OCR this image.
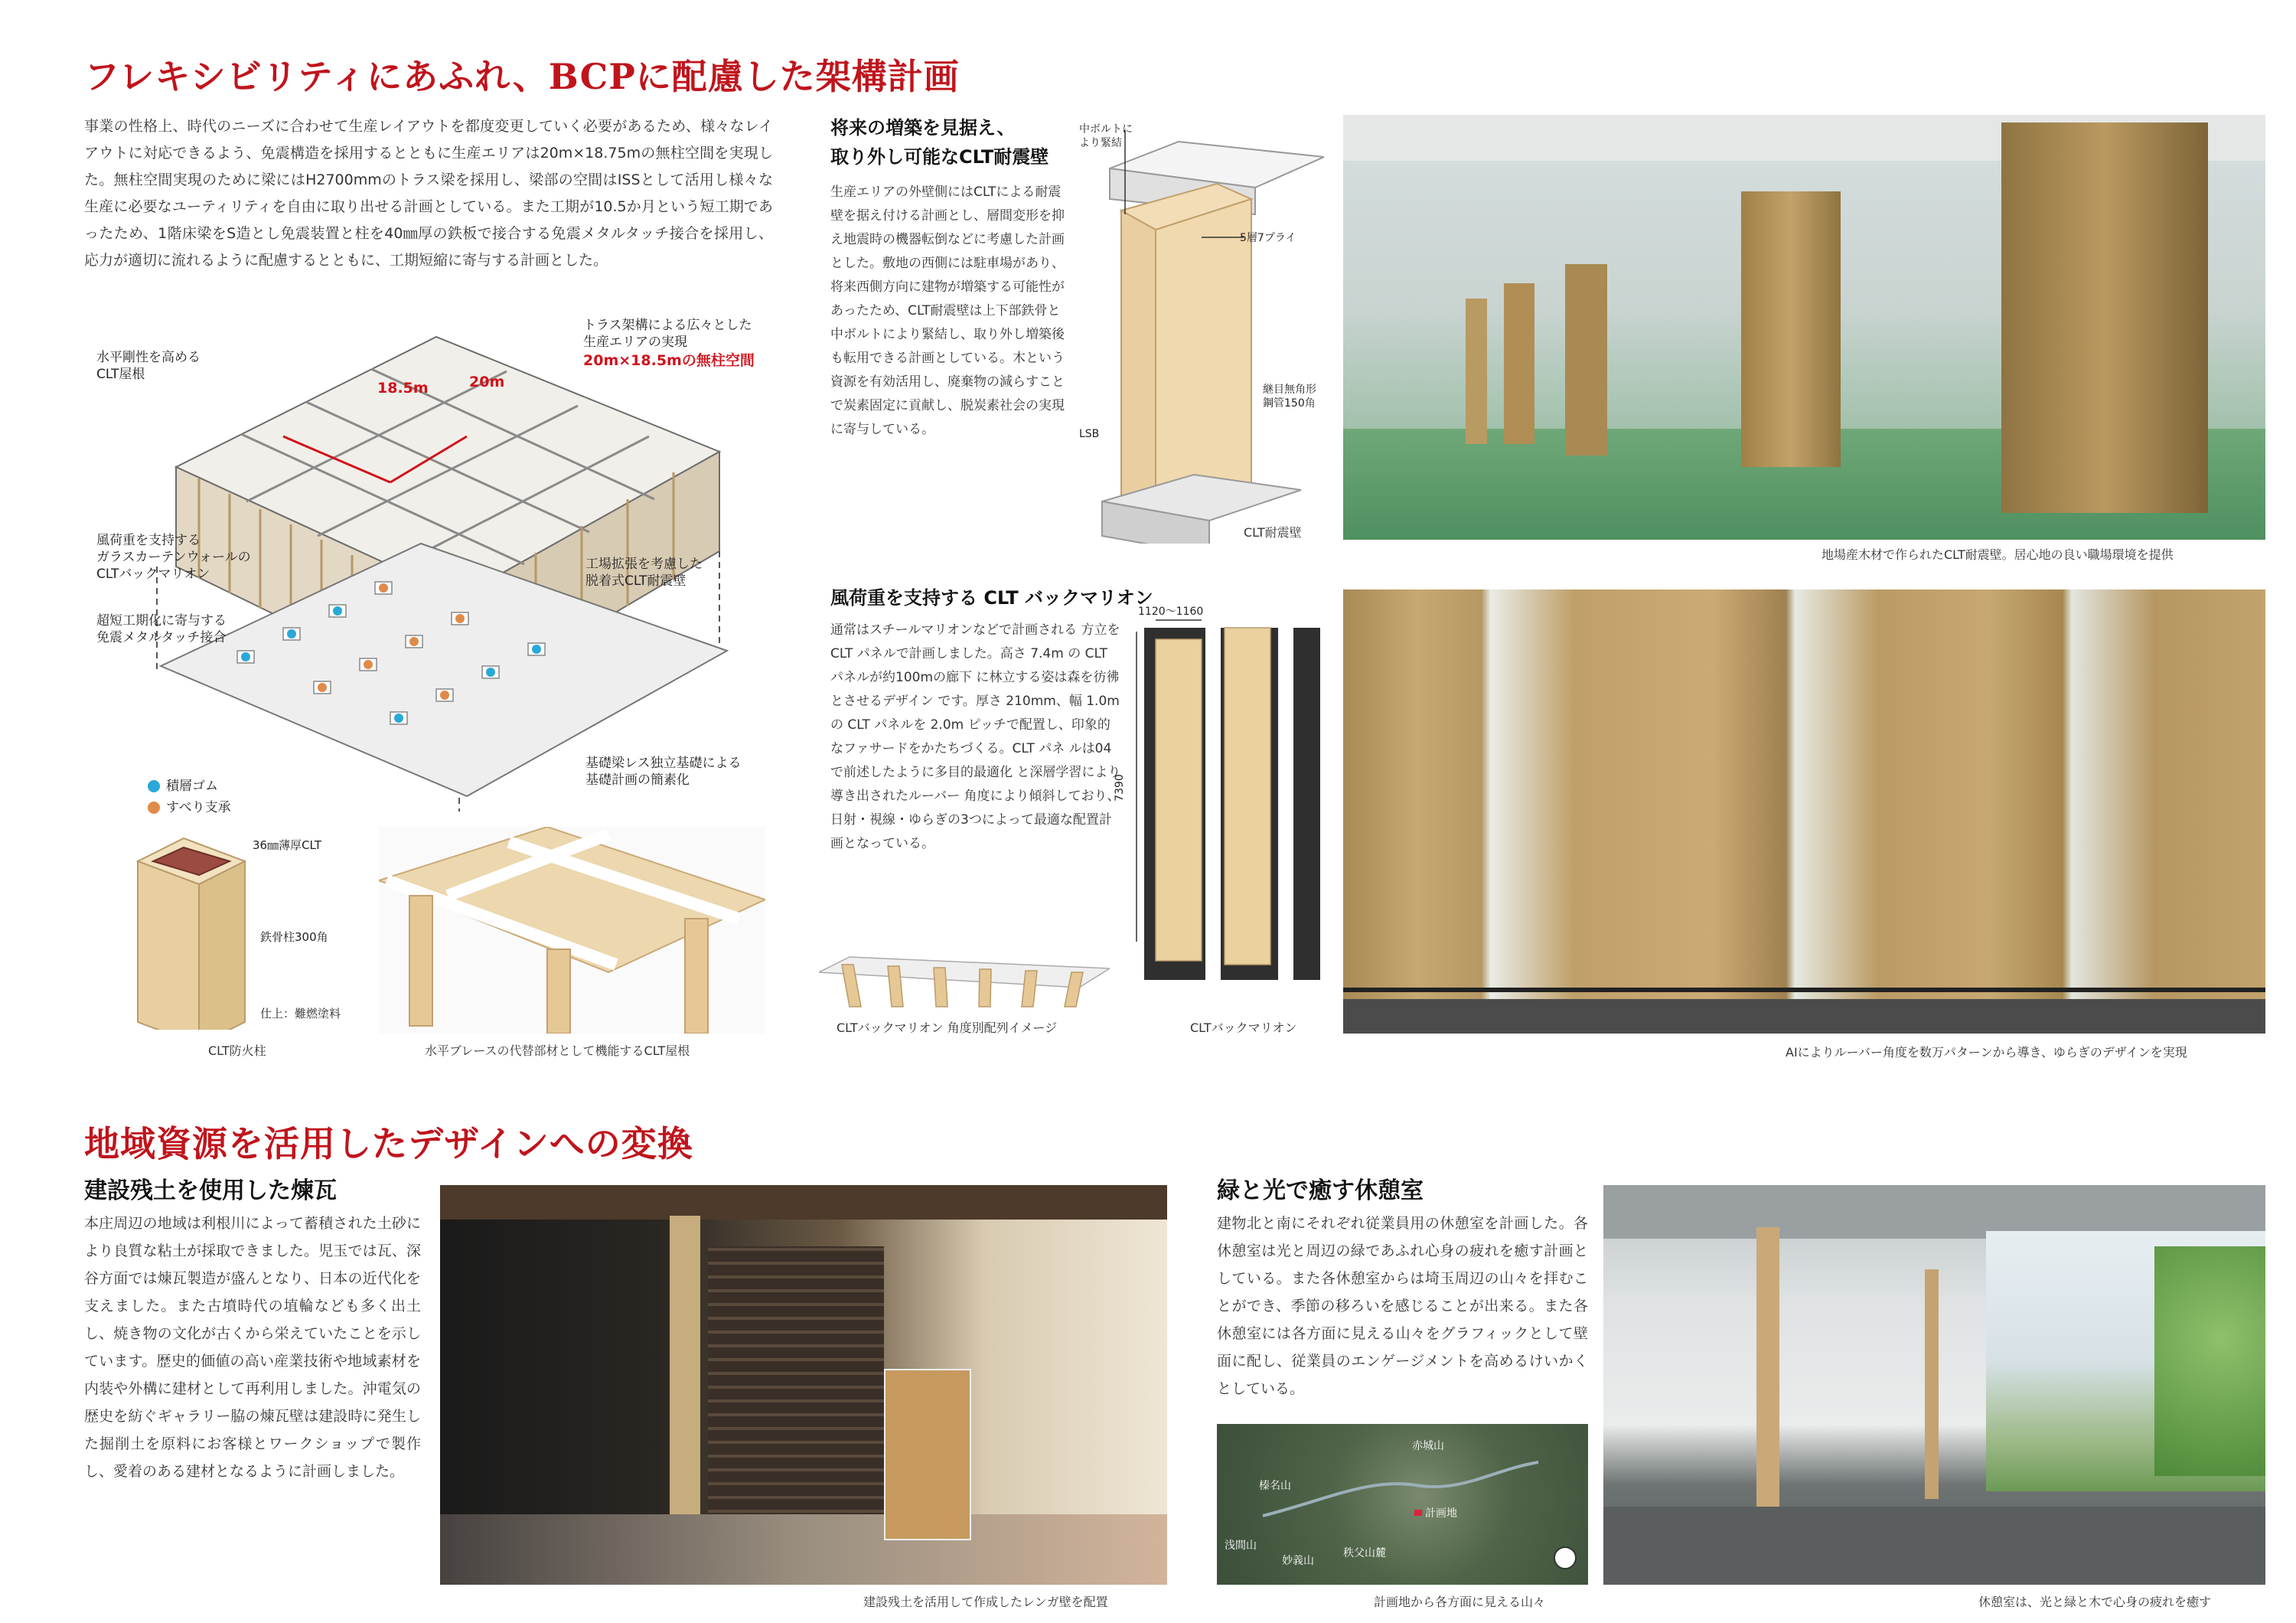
フレキシビリティにあふれ、BCPに配慮した架構計画
事業の性格上、時代のニーズに合わせて生産レイアウトを都度変更していく必要があるため、様々なレイアウトに対応できるよう、免震構造を採用するとともに生産エリアは20m×18.75mの無柱空間を実現した。無柱空間実現のために梁にはH2700mmのトラス梁を採用し、梁部の空間はISSとして活用し様々な生産に必要なユーティリティを自由に取り出せる計画としている。また工期が10.5か月という短工期であったため、1階床梁をS造とし免震装置と柱を40㎜厚の鉄板で接合する免震メタルタッチ接合を採用し、応力が適切に流れるように配慮するとともに、工期短縮に寄与する計画とした。
水平剛性を高める
CLT屋根
トラス架構による広々とした
生産エリアの実現
20m×18.5mの無柱空間
18.5m	20m
風荷重を支持する
ガラスカーテンウォールの
CLTバックマリオン
工場拡張を考慮した
脱着式CLT耐震壁
超短工期化に寄与する
免震メタルタッチ接合
基礎梁レス独立基礎による
基礎計画の簡素化

積層ゴム

すべり支承

36㎜薄厚CLT
鉄骨柱300角
仕上：難燃塗料
CLT防火柱	水平ブレースの代替部材として機能するCLT屋根
将来の増築を見据え、
取り外し可能なCLT耐震壁
生産エリアの外壁側にはCLTによる耐震壁を据え付ける計画とし、層間変形を抑え地震時の機器転倒などに考慮した計画とした。敷地の西側には駐車場があり、将来西側方向に建物が増築する可能性があったため、CLT耐震壁は上下部鉄骨と中ボルトにより緊結し、取り外し増築後も転用できる計画としている。木という資源を有効活用し、廃棄物の減らすことで炭素固定に貢献し、脱炭素社会の実現に寄与している。
中ボルトに
より緊結
5層7プライ
継目無角形
鋼管150角
LSB
CLT耐震壁
地場産木材で作られたCLT耐震壁。居心地の良い職場環境を提供
風荷重を支持する CLT バックマリオン
通常はスチールマリオンなどで計画される 方立を CLT パネルで計画しました。高さ 7.4m の CLT パネルが約100mの廊下 に林立する姿は森を彷彿とさせるデザイン です。厚さ 210mm、幅 1.0m の CLT パネルを 2.0m ピッチで配置し、印象的 なファサードをかたちづくる。CLT パネ ルは04 で前述したように多目的最適化 と深層学習により導き出されたルーバー 角度により傾斜しており、日射・視線・ゆらぎの3つによって最適な配置計画となっている。
CLTバックマリオン 角度別配列イメージ
1120～1160
7390
CLTバックマリオン
AIによりルーバー角度を数万パターンから導き、ゆらぎのデザインを実現
地域資源を活用したデザインへの変換
建設残土を使用した煉瓦
本庄周辺の地域は利根川によって蓄積された土砂により良質な粘土が採取できました。児玉では瓦、深谷方面では煉瓦製造が盛んとなり、日本の近代化を支えました。また古墳時代の埴輪なども多く出土し、焼き物の文化が古くから栄えていたことを示しています。歴史的価値の高い産業技術や地域素材を内装や外構に建材として再利用しました。沖電気の歴史を紡ぐギャラリー脇の煉瓦壁は建設時に発生した掘削土を原料にお客様とワークショップで製作し、愛着のある建材となるように計画しました。
建設残土を活用して作成したレンガ壁を配置
緑と光で癒す休憩室
建物北と南にそれぞれ従業員用の休憩室を計画した。各休憩室は光と周辺の緑であふれ心身の疲れを癒す計画としている。また各休憩室からは埼玉周辺の山々を拝むことができ、季節の移ろいを感じることが出来る。また各休憩室には各方面に見える山々をグラフィックとして壁面に配し、従業員のエンゲージメントを高めるけいかくとしている。
赤城山
榛名山
計画地
浅間山
妙義山
秩父山麓
計画地から各方面に見える山々	休憩室は、光と緑と木で心身の疲れを癒す
